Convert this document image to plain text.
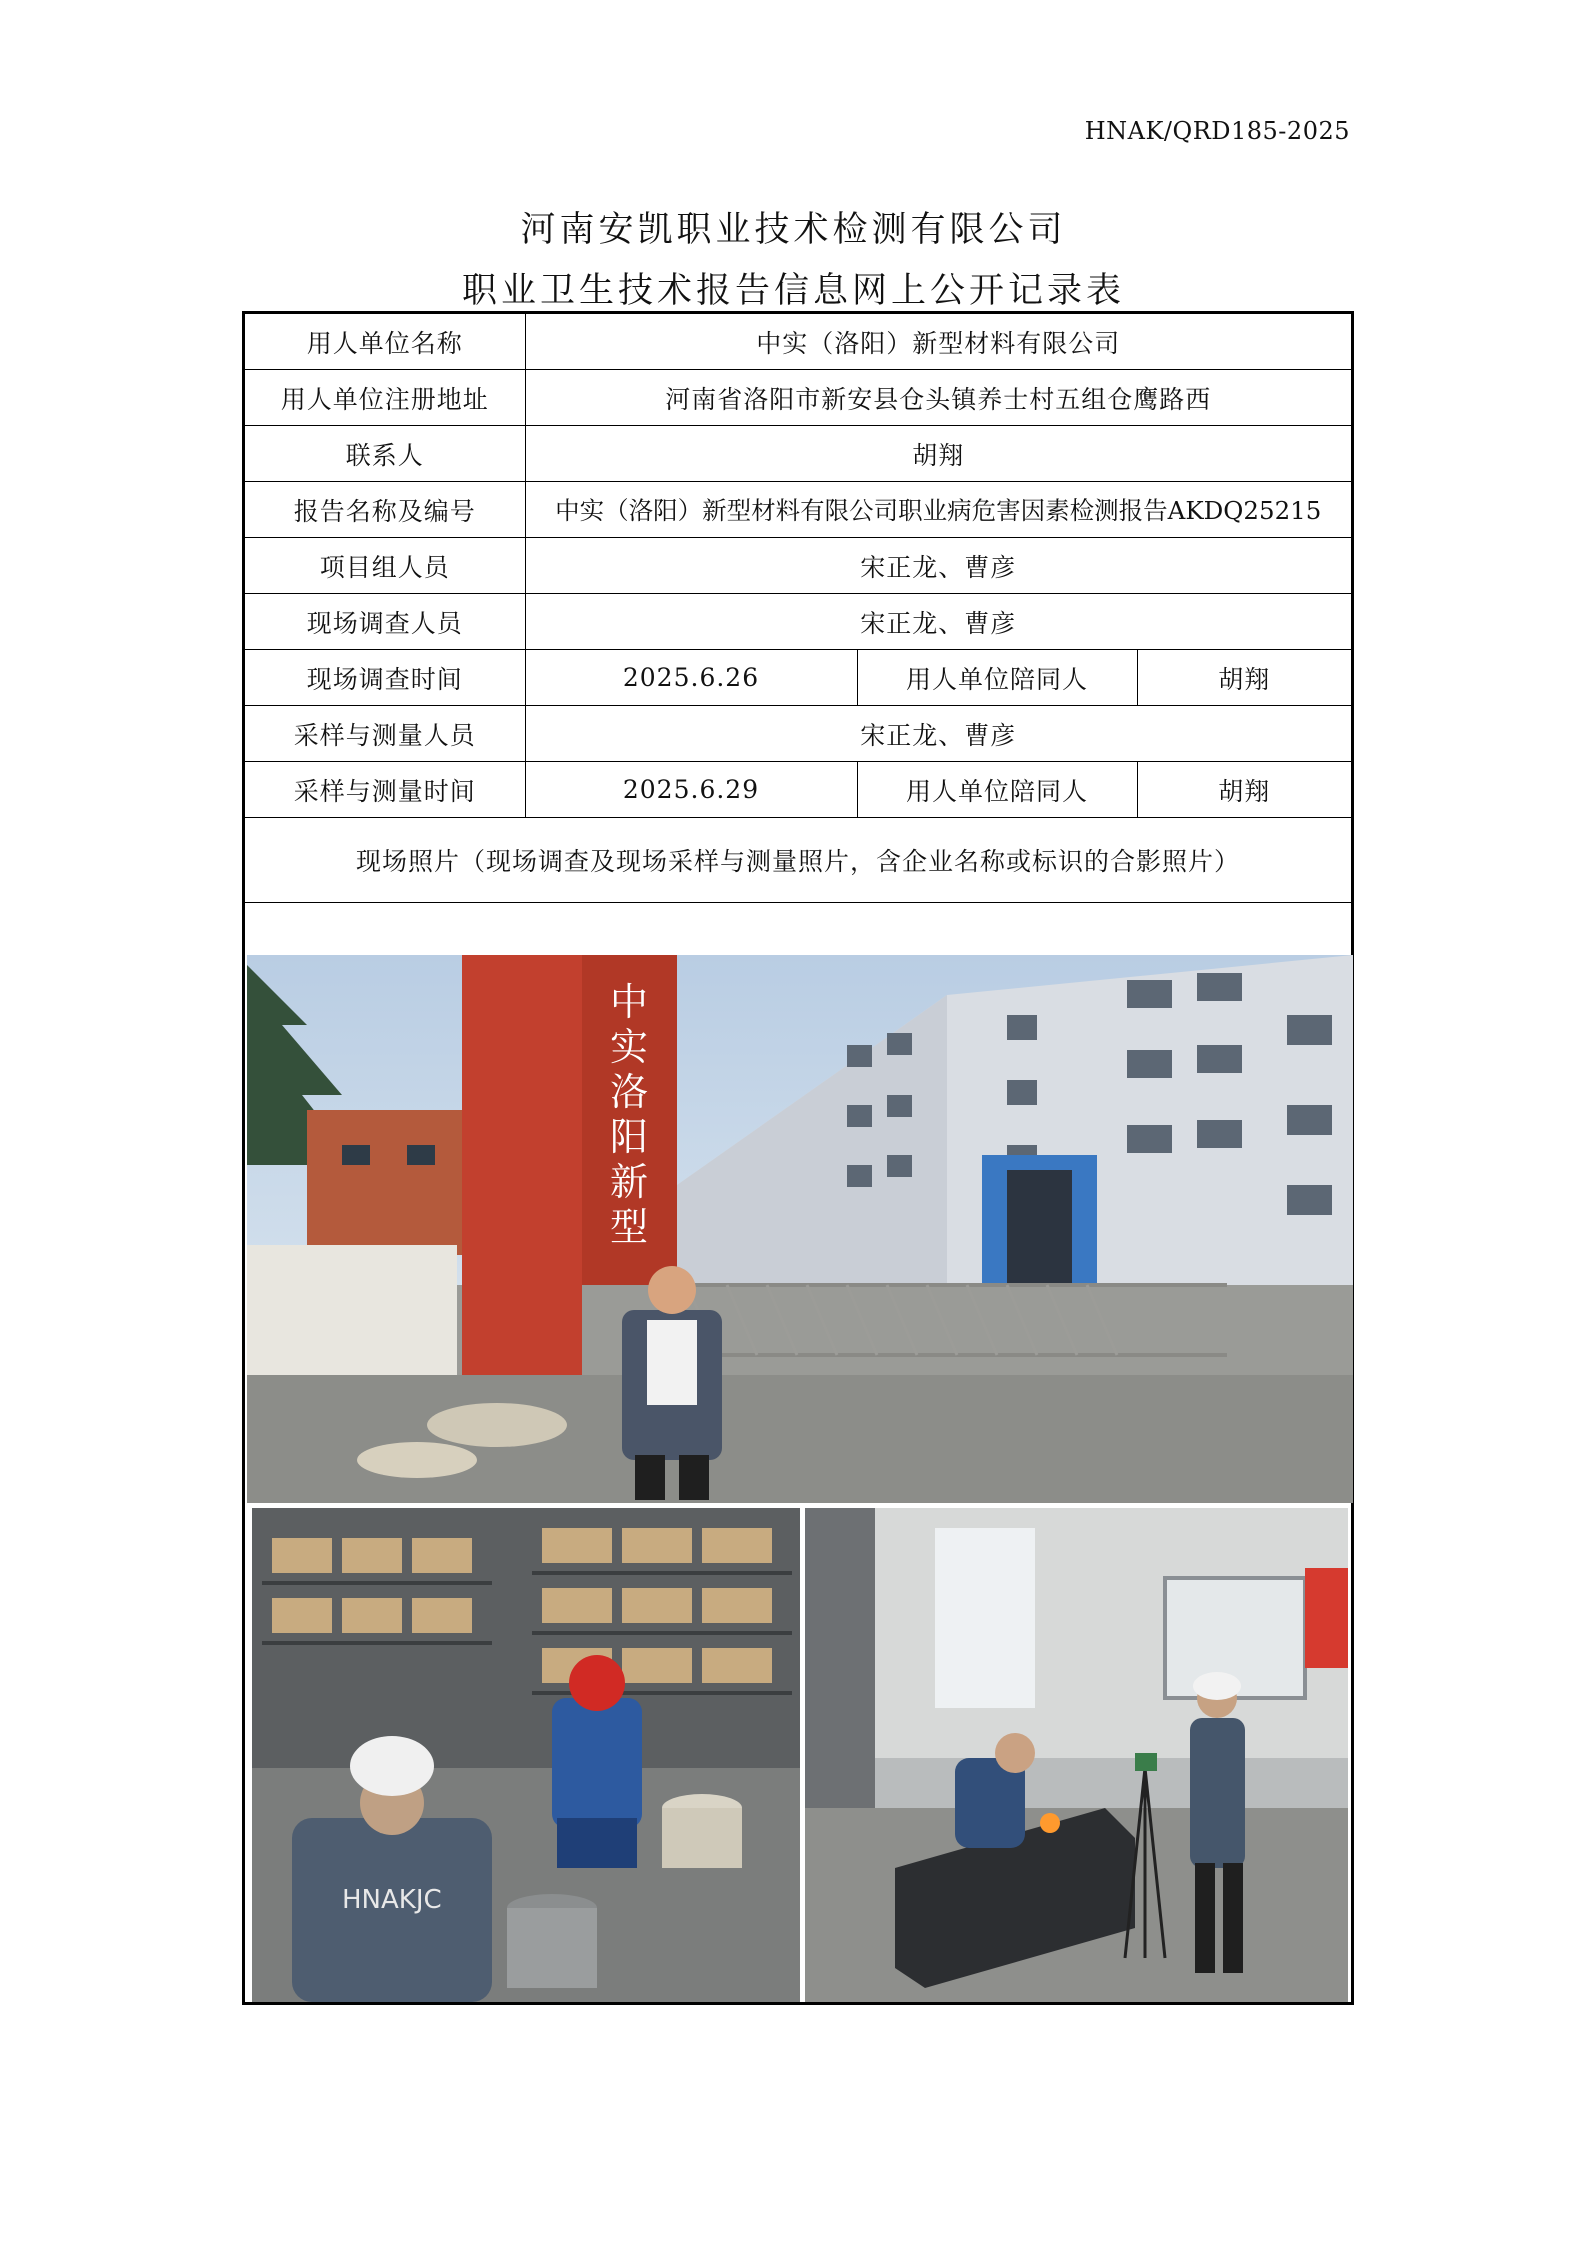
HNAK/QRD185-2025
河南安凯职业技术检测有限公司
职业卫生技术报告信息网上公开记录表
用人单位名称	中实（洛阳）新型材料有限公司		
用人单位注册地址	河南省洛阳市新安县仓头镇养士村五组仓鹰路西		
联系人	胡翔		
报告名称及编号	中实（洛阳）新型材料有限公司职业病危害因素检测报告AKDQ25215		
项目组人员	宋正龙、曹彦		
现场调查人员	宋正龙、曹彦		
现场调查时间	2025.6.26	用人单位陪同人	胡翔
采样与测量人员	宋正龙、曹彦		
采样与测量时间	2025.6.29	用人单位陪同人	胡翔
现场照片（现场调查及现场采样与测量照片，含企业名称或标识的合影照片）			

中实洛阳新型
HNAKJC
